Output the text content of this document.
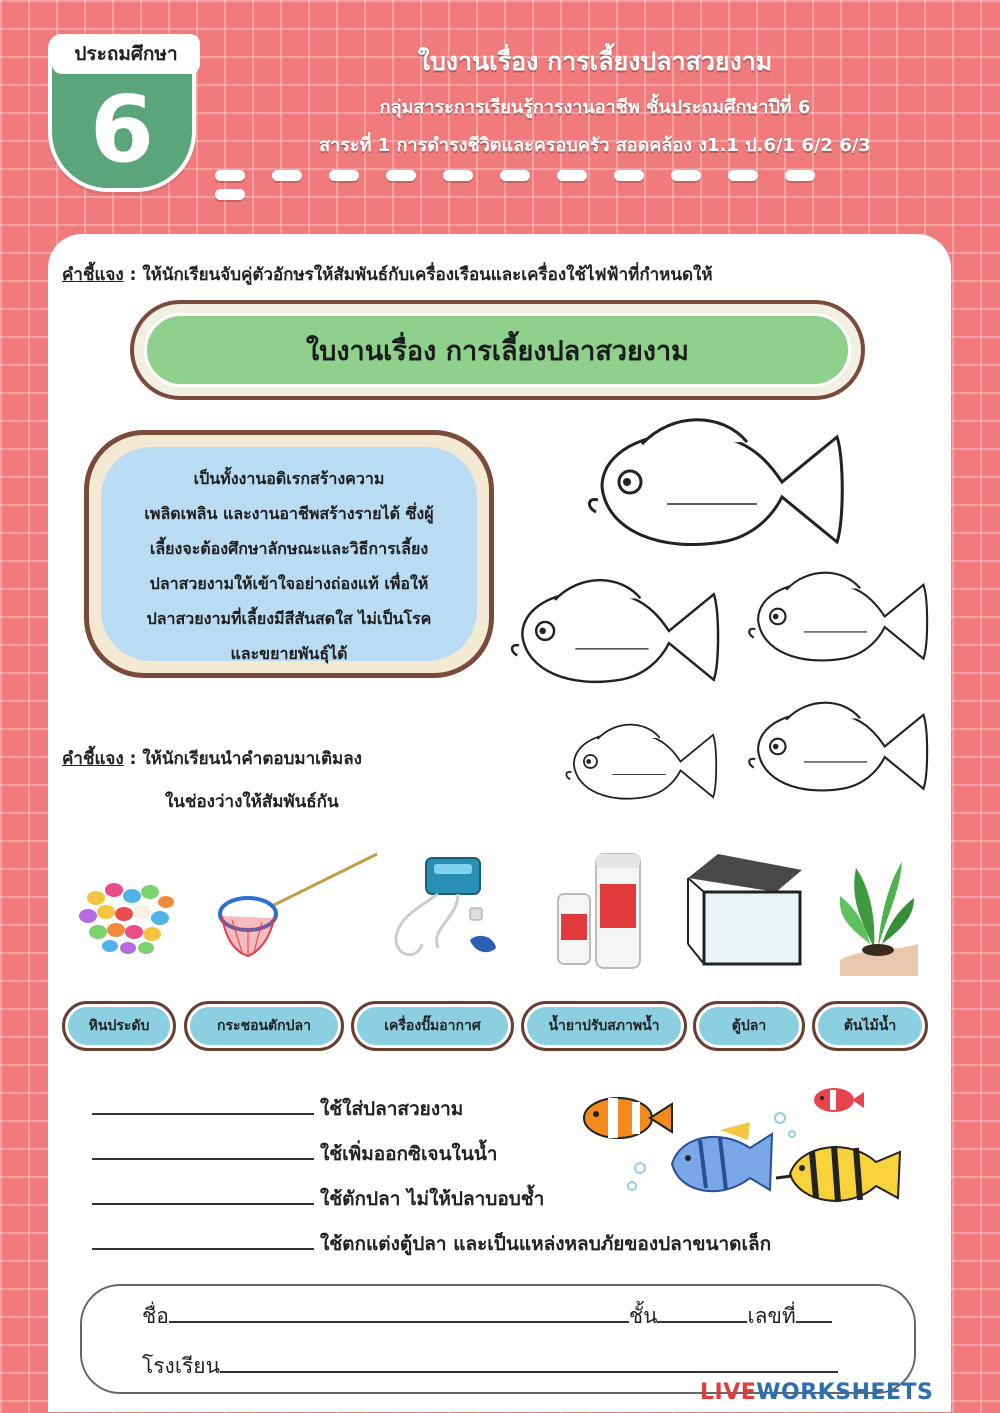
ประถมศึกษา
6
ใบงานเรื่อง การเลี้ยงปลาสวยงาม
กลุ่มสาระการเรียนรู้การงานอาชีพ ชั้นประถมศึกษาปีที่ 6
สาระที่ 1 การดำรงชีวิตและครอบครัว สอดคล้อง ง1.1 ป.6/1 6/2 6/3
คำชี้แจง : ให้นักเรียนจับคู่ตัวอักษรให้สัมพันธ์กับเครื่องเรือนและเครื่องใช้ไฟฟ้าที่กำหนดให้
ใบงานเรื่อง การเลี้ยงปลาสวยงาม
เป็นทั้งงานอดิเรกสร้างความ
เพลิดเพลิน และงานอาชีพสร้างรายได้ ซึ่งผู้
เลี้ยงจะต้องศึกษาลักษณะและวิธีการเลี้ยง
ปลาสวยงามให้เข้าใจอย่างถ่องแท้ เพื่อให้
ปลาสวยงามที่เลี้ยงมีสีสันสดใส ไม่เป็นโรค
และขยายพันธุ์ได้
คำชี้แจง : ให้นักเรียนนำคำตอบมาเติมลง
ในช่องว่างให้สัมพันธ์กัน
หินประดับ	กระชอนตักปลา	เครื่องปั๊มอากาศ	น้ำยาปรับสภาพน้ำ	ตู้ปลา	ต้นไม้น้ำ
ใช้ใส่ปลาสวยงาม
ใช้เพิ่มออกซิเจนในน้ำ
ใช้ตักปลา ไม่ให้ปลาบอบช้ำ
ใช้ตกแต่งตู้ปลา และเป็นแหล่งหลบภัยของปลาขนาดเล็ก
ชื่อ	ชั้น	เลขที่
โรงเรียน
LIVEWORKSHEETS
